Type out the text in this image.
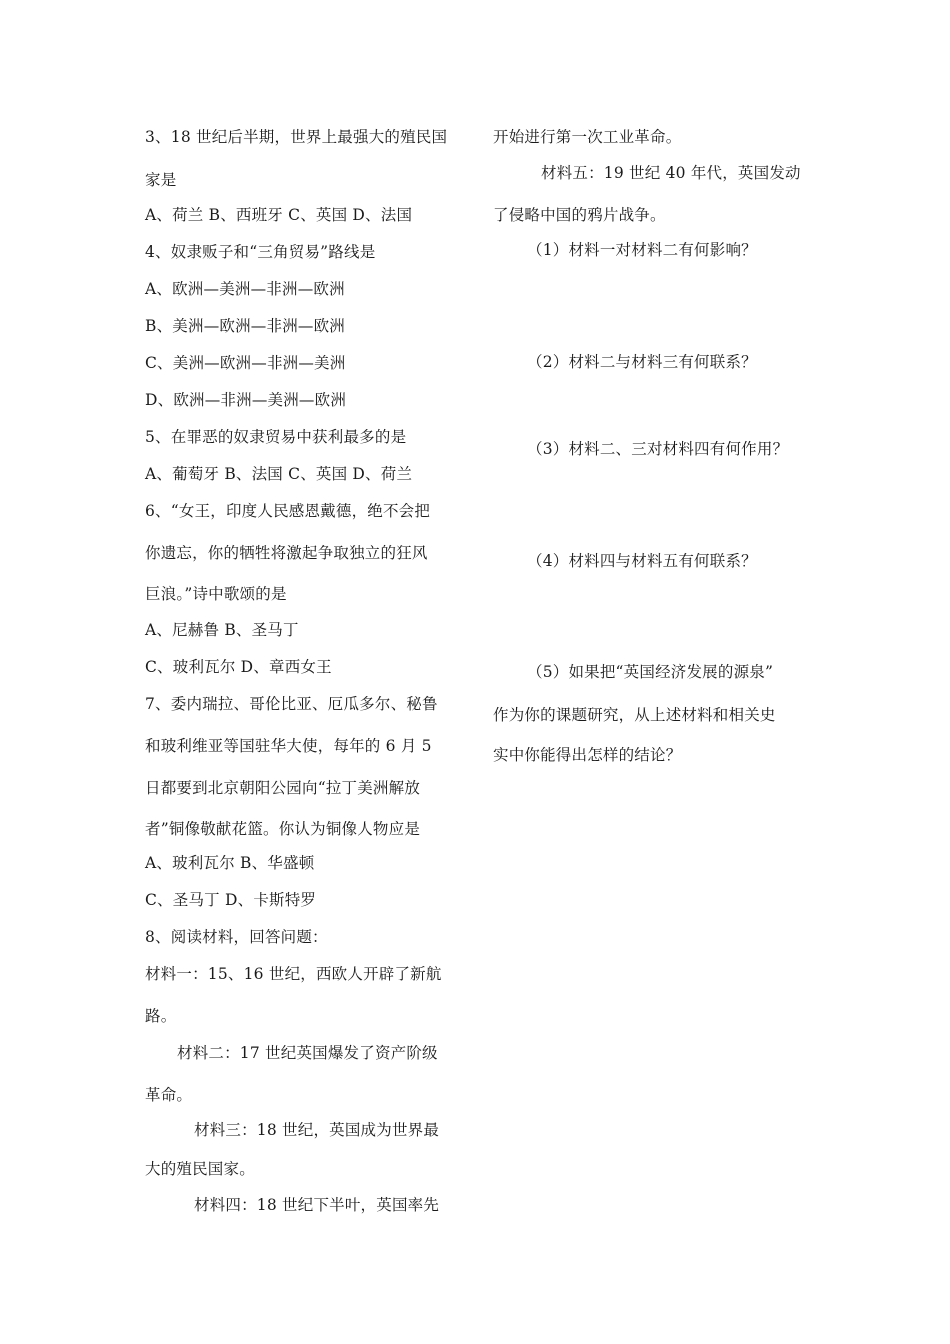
3、18 世纪后半期，世界上最强大的殖民国
家是
A、荷兰 B、西班牙 C、英国 D、法国
4、奴隶贩子和“三角贸易”路线是
A、欧洲—美洲—非洲—欧洲
B、美洲—欧洲—非洲—欧洲
C、美洲—欧洲—非洲—美洲
D、欧洲—非洲—美洲—欧洲
5、在罪恶的奴隶贸易中获利最多的是
A、葡萄牙 B、法国 C、英国 D、荷兰
6、“女王，印度人民感恩戴德，绝不会把
你遗忘，你的牺牲将激起争取独立的狂风
巨浪。”诗中歌颂的是
A、尼赫鲁 B、圣马丁
C、玻利瓦尔 D、章西女王
7、委内瑞拉、哥伦比亚、厄瓜多尔、秘鲁
和玻利维亚等国驻华大使，每年的 6 月 5
日都要到北京朝阳公园向“拉丁美洲解放
者”铜像敬献花篮。你认为铜像人物应是
A、玻利瓦尔 B、华盛顿
C、圣马丁 D、卡斯特罗
8、阅读材料，回答问题：
材料一：15、16 世纪，西欧人开辟了新航
路。
材料二：17 世纪英国爆发了资产阶级
革命。
材料三：18 世纪，英国成为世界最
大的殖民国家。
材料四：18 世纪下半叶，英国率先
开始进行第一次工业革命。
材料五：19 世纪 40 年代，英国发动
了侵略中国的鸦片战争。
（1）材料一对材料二有何影响？
（2）材料二与材料三有何联系？
（3）材料二、三对材料四有何作用？
（4）材料四与材料五有何联系？
（5）如果把“英国经济发展的源泉”
作为你的课题研究，从上述材料和相关史
实中你能得出怎样的结论？
